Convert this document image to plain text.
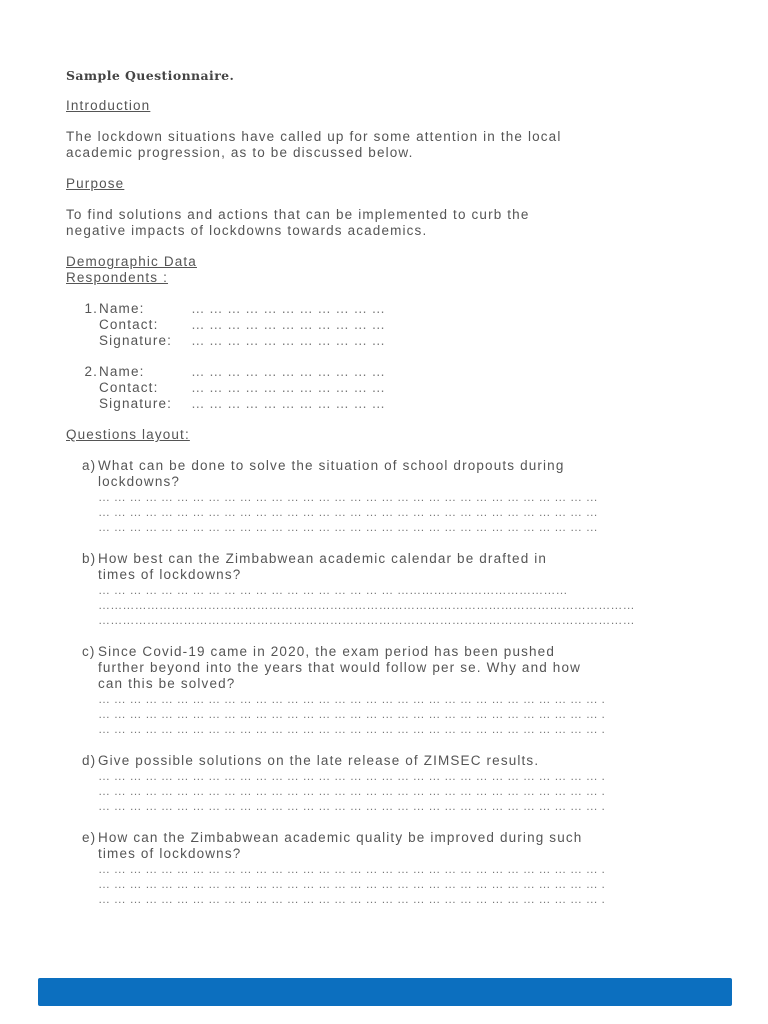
Sample Questionnaire.
Introduction
The lockdown situations have called up for some attention in the local academic progression, as to be discussed below.
Purpose
To find solutions and actions that can be implemented to curb the negative impacts of lockdowns towards academics.
Demographic Data
Respondents :
1. Name:	… … … … … … … … … … …
Contact:	… … … … … … … … … … …
Signature:	… … … … … … … … … … …
2. Name:	… … … … … … … … … … …
Contact:	… … … … … … … … … … …
Signature:	… … … … … … … … … … …
Questions layout:
a) What can be done to solve the situation of school dropouts during lockdowns?
… … … … … … … … … … … … … … … … … … … … … … … … … … … … … … … …
… … … … … … … … … … … … … … … … … … … … … … … … … … … … … … … …
… … … … … … … … … … … … … … … … … … … … … … … … … … … … … … … …
b) How best can the Zimbabwean academic calendar be drafted in times of lockdowns?
… … … … … … … … … … … … … … … … … … … ……………………………………
……………………………………………………………………………………………………………………
……………………………………………………………………………………………………………………
c) Since Covid-19 came in 2020, the exam period has been pushed further beyond into the years that would follow per se. Why and how can this be solved?
… … … … … … … … … … … … … … … … … … … … … … … … … … … … … … … … .
… … … … … … … … … … … … … … … … … … … … … … … … … … … … … … … … .
… … … … … … … … … … … … … … … … … … … … … … … … … … … … … … … … .
d) Give possible solutions on the late release of ZIMSEC results.
… … … … … … … … … … … … … … … … … … … … … … … … … … … … … … … … .
… … … … … … … … … … … … … … … … … … … … … … … … … … … … … … … … .
… … … … … … … … … … … … … … … … … … … … … … … … … … … … … … … … .
e) How can the Zimbabwean academic quality be improved during such times of lockdowns?
… … … … … … … … … … … … … … … … … … … … … … … … … … … … … … … … .
… … … … … … … … … … … … … … … … … … … … … … … … … … … … … … … … .
… … … … … … … … … … … … … … … … … … … … … … … … … … … … … … … … .
